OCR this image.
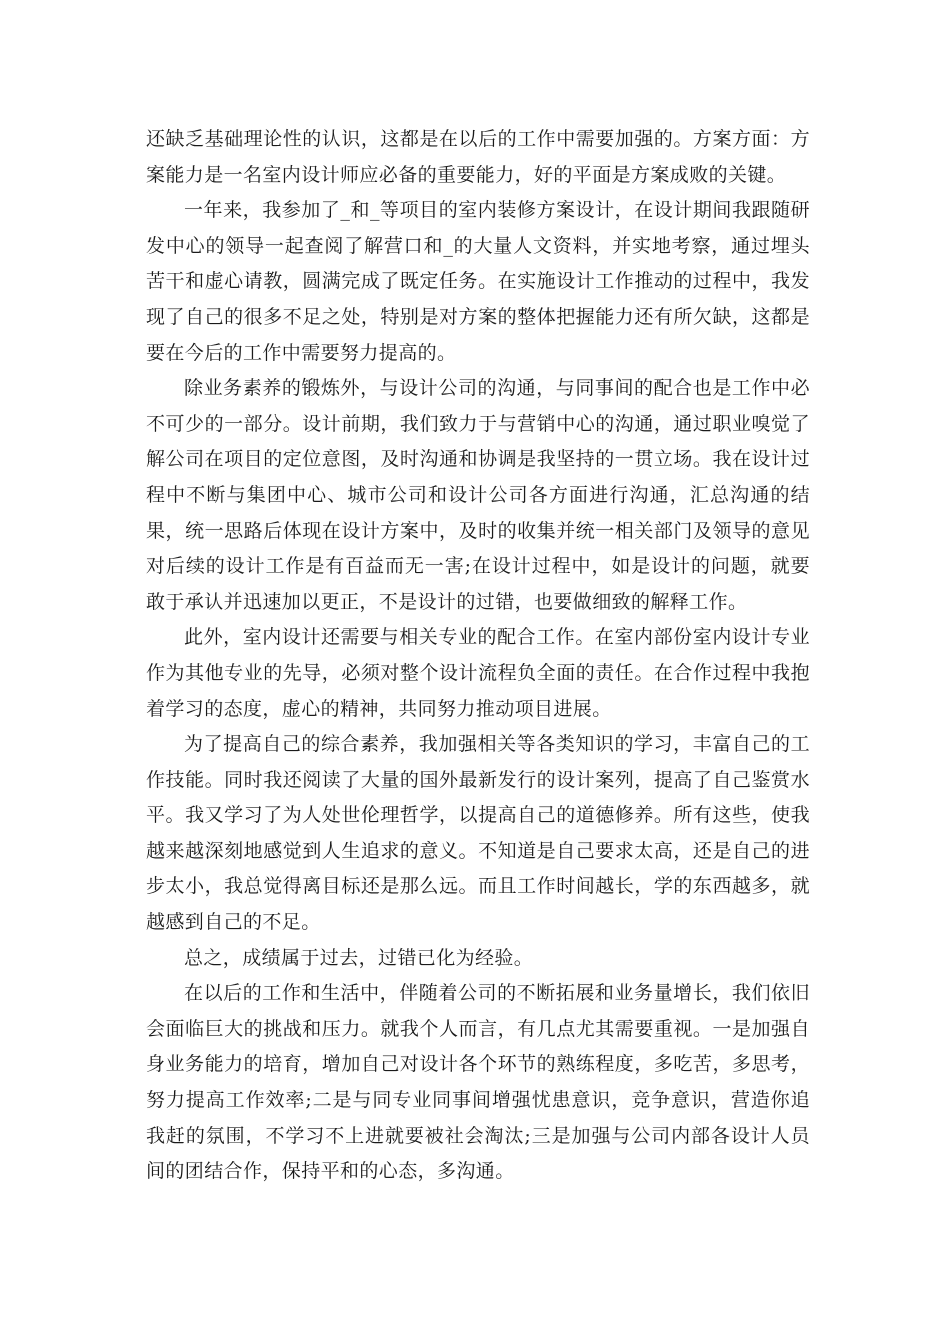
还缺乏基础理论性的认识，这都是在以后的工作中需要加强的。方案方面：方案能力是一名室内设计师应必备的重要能力，好的平面是方案成败的关键。

一年来，我参加了_和_等项目的室内装修方案设计，在设计期间我跟随研发中心的领导一起查阅了解营口和_的大量人文资料，并实地考察，通过埋头苦干和虚心请教，圆满完成了既定任务。在实施设计工作推动的过程中，我发现了自己的很多不足之处，特别是对方案的整体把握能力还有所欠缺，这都是要在今后的工作中需要努力提高的。

除业务素养的锻炼外，与设计公司的沟通，与同事间的配合也是工作中必不可少的一部分。设计前期，我们致力于与营销中心的沟通，通过职业嗅觉了解公司在项目的定位意图，及时沟通和协调是我坚持的一贯立场。我在设计过程中不断与集团中心、城市公司和设计公司各方面进行沟通，汇总沟通的结果，统一思路后体现在设计方案中，及时的收集并统一相关部门及领导的意见对后续的设计工作是有百益而无一害;在设计过程中，如是设计的问题，就要敢于承认并迅速加以更正，不是设计的过错，也要做细致的解释工作。

此外，室内设计还需要与相关专业的配合工作。在室内部份室内设计专业作为其他专业的先导，必须对整个设计流程负全面的责任。在合作过程中我抱着学习的态度，虚心的精神，共同努力推动项目进展。

为了提高自己的综合素养，我加强相关等各类知识的学习，丰富自己的工作技能。同时我还阅读了大量的国外最新发行的设计案列，提高了自己鉴赏水平。我又学习了为人处世伦理哲学，以提高自己的道德修养。所有这些，使我越来越深刻地感觉到人生追求的意义。不知道是自己要求太高，还是自己的进步太小，我总觉得离目标还是那么远。而且工作时间越长，学的东西越多，就越感到自己的不足。

总之，成绩属于过去，过错已化为经验。

在以后的工作和生活中，伴随着公司的不断拓展和业务量增长，我们依旧会面临巨大的挑战和压力。就我个人而言，有几点尤其需要重视。一是加强自身业务能力的培育，增加自己对设计各个环节的熟练程度，多吃苦，多思考，努力提高工作效率;二是与同专业同事间增强忧患意识，竞争意识，营造你追我赶的氛围，不学习不上进就要被社会淘汰;三是加强与公司内部各设计人员间的团结合作，保持平和的心态，多沟通。
